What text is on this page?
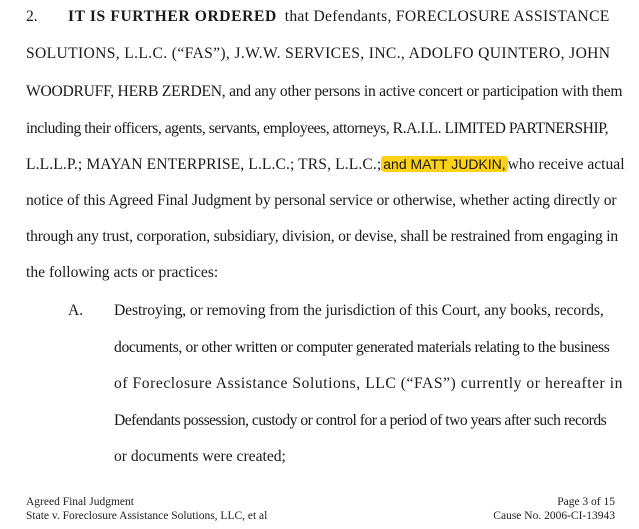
2. IT IS FURTHER ORDERED that Defendants, FORECLOSURE ASSISTANCE
SOLUTIONS, L.L.C. (“FAS”), J.W.W. SERVICES, INC., ADOLFO QUINTERO, JOHN
WOODRUFF, HERB ZERDEN, and any other persons in active concert or participation with them
including their officers, agents, servants, employees, attorneys, R.A.I.L. LIMITED PARTNERSHIP,
L.L.L.P.; MAYAN ENTERPRISE, L.L.C.; TRS, L.L.C.; and MATT JUDKIN, who receive actual
notice of this Agreed Final Judgment by personal service or otherwise, whether acting directly or
through any trust, corporation, subsidiary, division, or devise, shall be restrained from engaging in
the following acts or practices:
A. Destroying, or removing from the jurisdiction of this Court, any books, records,
documents, or other written or computer generated materials relating to the business
of Foreclosure Assistance Solutions, LLC (“FAS”) currently or hereafter in
Defendants possession, custody or control for a period of two years after such records
or documents were created;
Agreed Final Judgment
State v. Foreclosure Assistance Solutions, LLC, et al
Page 3 of 15
Cause No. 2006-CI-13943
